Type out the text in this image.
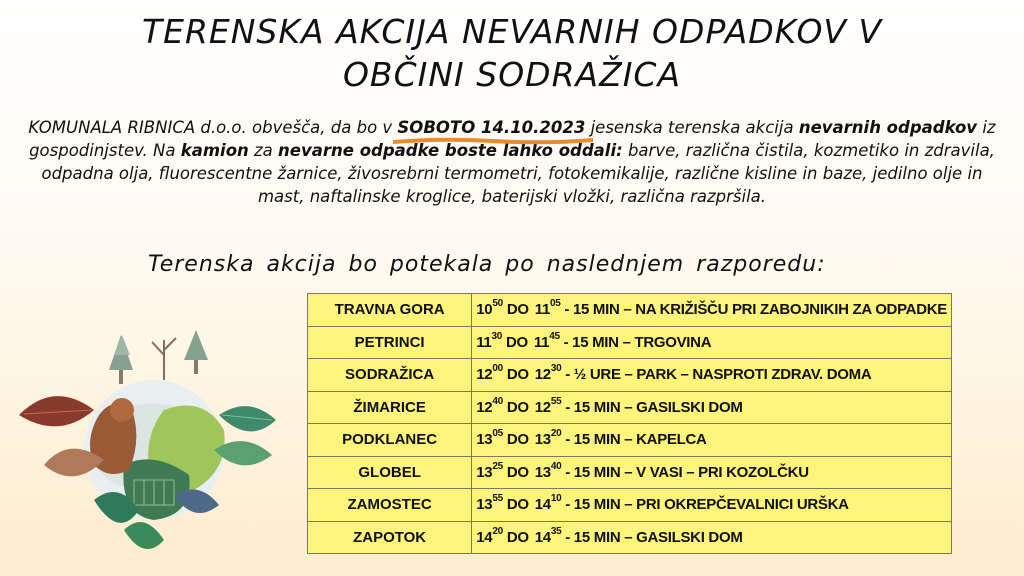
TERENSKA AKCIJA NEVARNIH ODPADKOV V
OBČINI SODRAŽICA
KOMUNALA RIBNICA d.o.o. obvešča, da bo v SOBOTO 14.10.2023
jesenska terenska akcija nevarnih odpadkov iz gospodinjstev. Na kamion za nevarne odpadke boste lahko oddali: barve, različna čistila, kozmetiko in zdravila, odpadna olja, fluorescentne žarnice, živosrebrni termometri, fotokemikalije, različne kisline in baze, jedilno olje in mast, naftalinske kroglice, baterijski vložki, različna razpršila.
Terenska akcija bo potekala po naslednjem razporedu:
TRAVNA GORA	$10^{50}$ DO $11^{05} - 15$ MIN – NA KRIŽIŠČU PRI ZABOJNIKIH ZA ODPADKE
PETRINCI	$11^{30}$ DO $11^{45} - 15$ MIN – TRGOVINA
SODRAŽICA	$12^{00}$ DO $12^{30}$ - ½ URE – PARK – NASPROTI ZDRAV. DOMA
ŽIMARICE	$12^{40}$ DO $12^{55} - 15$ MIN – GASILSKI DOM
PODKLANEC	$13^{05}$ DO $13^{20} - 15$ MIN – KAPELCA
GLOBEL	$13^{25}$ DO $13^{40} - 15$ MIN – V VASI – PRI KOZOLČKU
ZAMOSTEC	$13^{55}$ DO $14^{10} - 15$ MIN – PRI OKREPČEVALNICI URŠKA
ZAPOTOK	$14^{20}$ DO $14^{35} - 15$ MIN – GASILSKI DOM
